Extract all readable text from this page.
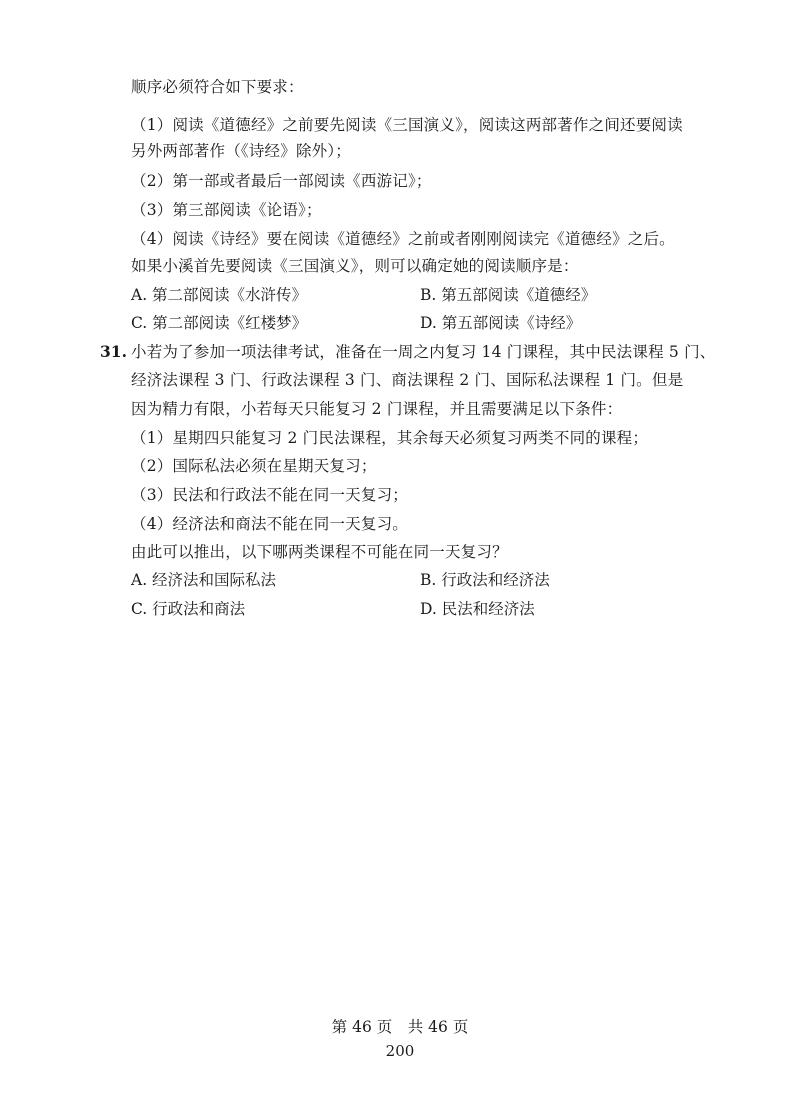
顺序必须符合如下要求：
（1）阅读《道德经》之前要先阅读《三国演义》，阅读这两部著作之间还要阅读
另外两部著作（《诗经》除外）；
（2）第一部或者最后一部阅读《西游记》；
（3）第三部阅读《论语》；
（4）阅读《诗经》要在阅读《道德经》之前或者刚刚阅读完《道德经》之后。
如果小溪首先要阅读《三国演义》，则可以确定她的阅读顺序是：
A. 第二部阅读《水浒传》	B. 第五部阅读《道德经》
C. 第二部阅读《红楼梦》	D. 第五部阅读《诗经》
31. 小若为了参加一项法律考试，准备在一周之内复习 14 门课程，其中民法课程 5 门、
经济法课程 3 门、行政法课程 3 门、商法课程 2 门、国际私法课程 1 门。但是
因为精力有限，小若每天只能复习 2 门课程，并且需要满足以下条件：
（1）星期四只能复习 2 门民法课程，其余每天必须复习两类不同的课程；
（2）国际私法必须在星期天复习；
（3）民法和行政法不能在同一天复习；
（4）经济法和商法不能在同一天复习。
由此可以推出，以下哪两类课程不可能在同一天复习？
A. 经济法和国际私法	B. 行政法和经济法
C. 行政法和商法	D. 民法和经济法
第 46 页　共 46 页
200
